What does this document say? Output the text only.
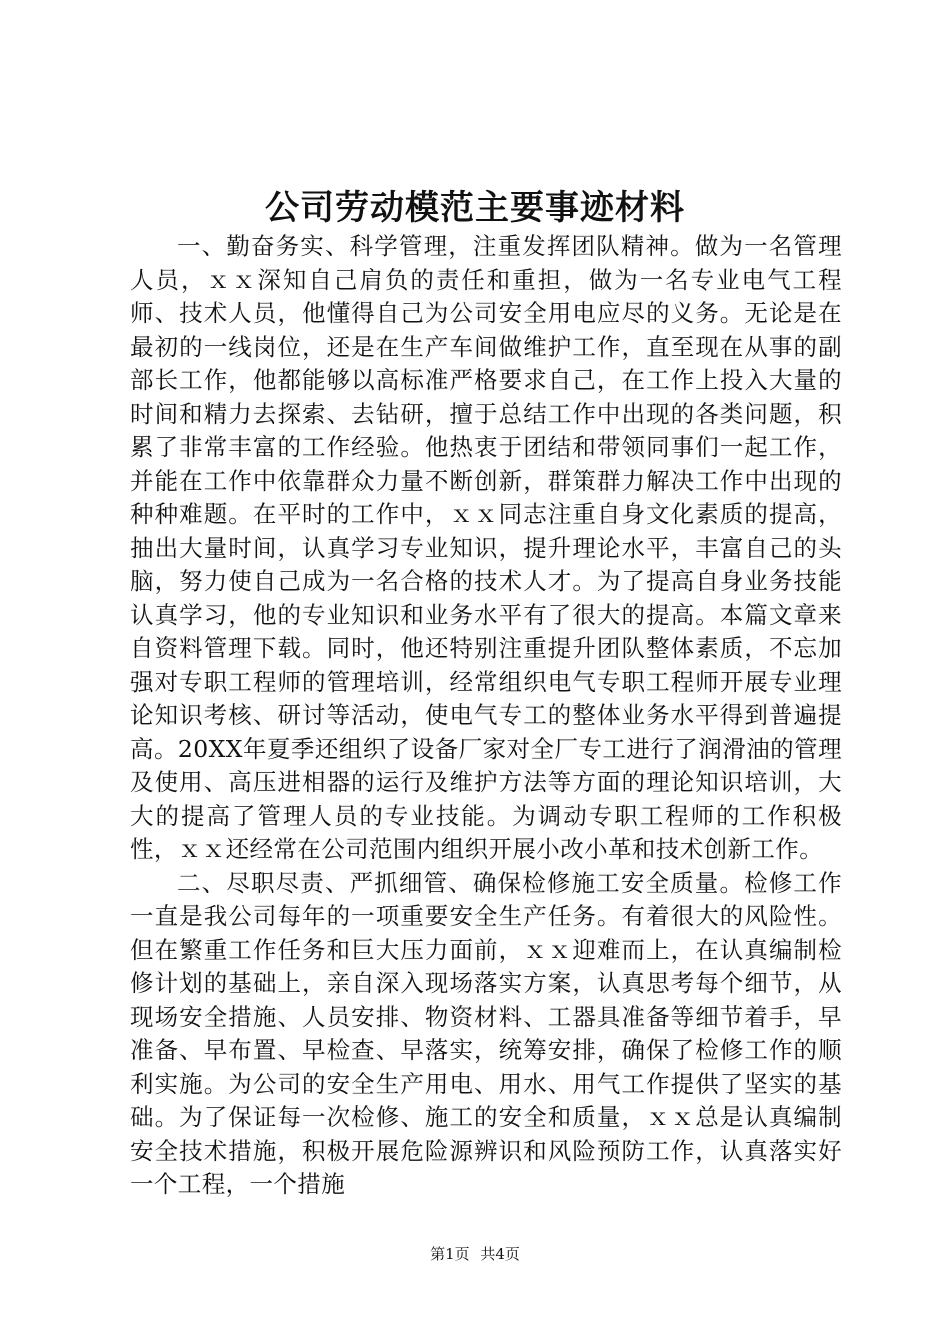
公司劳动模范主要事迹材料

一、勤奋务实、科学管理，注重发挥团队精神。做为一名管理人员，ｘｘ深知自己肩负的责任和重担，做为一名专业电气工程师、技术人员，他懂得自己为公司安全用电应尽的义务。无论是在最初的一线岗位，还是在生产车间做维护工作，直至现在从事的副部长工作，他都能够以高标准严格要求自己，在工作上投入大量的时间和精力去探索、去钻研，擅于总结工作中出现的各类问题，积累了非常丰富的工作经验。他热衷于团结和带领同事们一起工作，并能在工作中依靠群众力量不断创新，群策群力解决工作中出现的种种难题。在平时的工作中，ｘｘ同志注重自身文化素质的提高，抽出大量时间，认真学习专业知识，提升理论水平，丰富自己的头脑，努力使自己成为一名合格的技术人才。为了提高自身业务技能认真学习，他的专业知识和业务水平有了很大的提高。本篇文章来自资料管理下载。同时，他还特别注重提升团队整体素质，不忘加强对专职工程师的管理培训，经常组织电气专职工程师开展专业理论知识考核、研讨等活动，使电气专工的整体业务水平得到普遍提高。20XX年夏季还组织了设备厂家对全厂专工进行了润滑油的管理及使用、高压进相器的运行及维护方法等方面的理论知识培训，大大的提高了管理人员的专业技能。为调动专职工程师的工作积极性，ｘｘ还经常在公司范围内组织开展小改小革和技术创新工作。

二、尽职尽责、严抓细管、确保检修施工安全质量。检修工作一直是我公司每年的一项重要安全生产任务。有着很大的风险性。但在繁重工作任务和巨大压力面前，ｘｘ迎难而上，在认真编制检修计划的基础上，亲自深入现场落实方案，认真思考每个细节，从现场安全措施、人员安排、物资材料、工器具准备等细节着手，早准备、早布置、早检查、早落实，统筹安排，确保了检修工作的顺利实施。为公司的安全生产用电、用水、用气工作提供了坚实的基础。为了保证每一次检修、施工的安全和质量，ｘｘ总是认真编制安全技术措施，积极开展危险源辨识和风险预防工作，认真落实好一个工程，一个措施

第1页 共4页
